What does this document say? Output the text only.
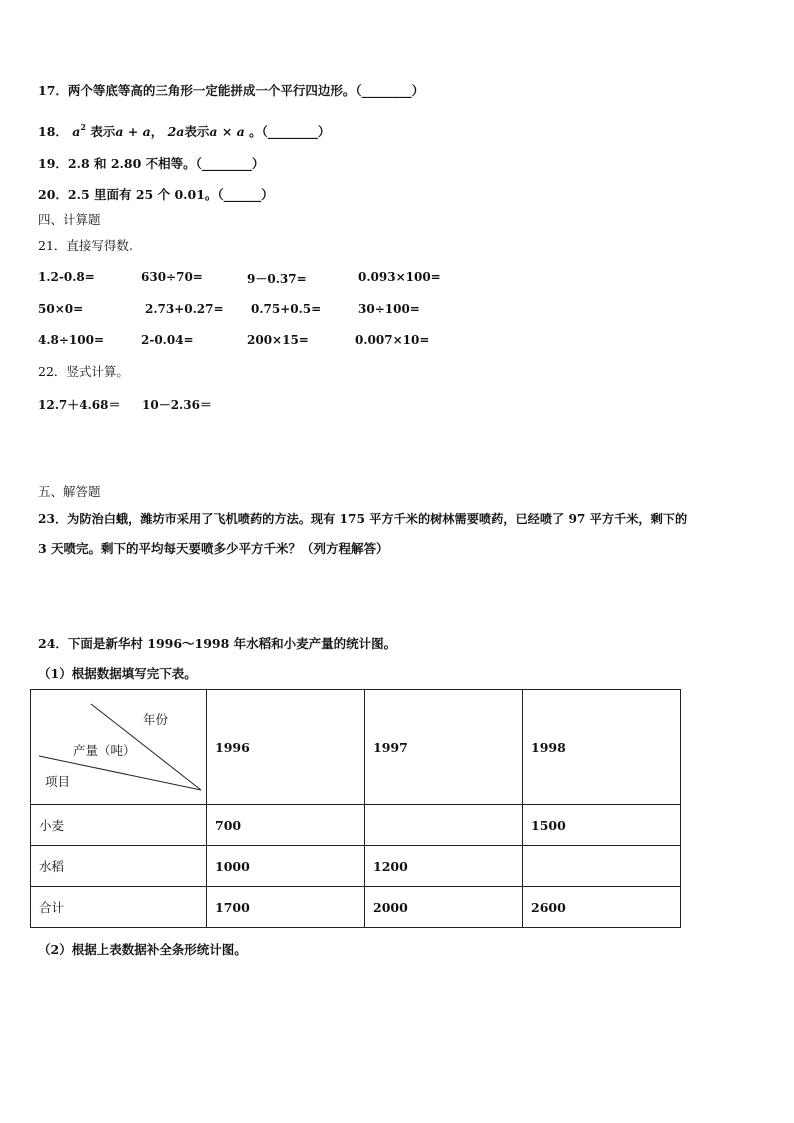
17．两个等底等高的三角形一定能拼成一个平行四边形。（________）
18． $a^2$ 表示a + a， 2a表示a × a 。（________）
19．2.8 和 2.80 不相等。（________）
20．2.5 里面有 25 个 0.01。（______）
四、计算题
21．直接写得数.
1.2-0.8=	630÷70=	9－0.37=	0.093×100=
50×0=	2.73+0.27= 0.75+0.5=	30÷100=
4.8÷100=	2-0.04=	200×15=	0.007×10=
22．竖式计算。
12.7＋4.68＝ 10－2.36＝
五、解答题
23．为防治白蛾，潍坊市采用了飞机喷药的方法。现有 175 平方千米的树林需要喷药，已经喷了 97 平方千米，剩下的
3 天喷完。剩下的平均每天要喷多少平方千米？（列方程解答）
24．下面是新华村 1996～1998 年水稻和小麦产量的统计图。
（1）根据数据填写完下表。
年份
产量（吨）
项目	1996	1997	1998
小麦	700		1500
水稻	1000	1200	
合计	1700	2000	2600
（2）根据上表数据补全条形统计图。
